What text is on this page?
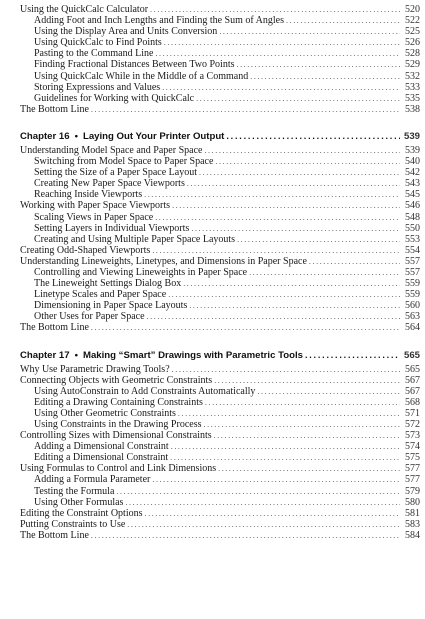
Using the QuickCalc Calculator .....	520
Adding Foot and Inch Lengths and Finding the Sum of Angles .....	522
Using the Display Area and Units Conversion .....	525
Using QuickCalc to Find Points .....	526
Pasting to the Command Line .....	528
Finding Fractional Distances Between Two Points .....	529
Using QuickCalc While in the Middle of a Command .....	532
Storing Expressions and Values .....	533
Guidelines for Working with QuickCalc .....	535
The Bottom Line .....	538
Chapter 16 • Laying Out Your Printer Output .....	539
Understanding Model Space and Paper Space .....	539
Switching from Model Space to Paper Space .....	540
Setting the Size of a Paper Space Layout .....	542
Creating New Paper Space Viewports .....	543
Reaching Inside Viewports .....	545
Working with Paper Space Viewports .....	546
Scaling Views in Paper Space .....	548
Setting Layers in Individual Viewports .....	550
Creating and Using Multiple Paper Space Layouts .....	553
Creating Odd-Shaped Viewports .....	554
Understanding Lineweights, Linetypes, and Dimensions in Paper Space .....	557
Controlling and Viewing Lineweights in Paper Space .....	557
The Lineweight Settings Dialog Box .....	559
Linetype Scales and Paper Space .....	559
Dimensioning in Paper Space Layouts .....	560
Other Uses for Paper Space .....	563
The Bottom Line .....	564
Chapter 17 • Making “Smart” Drawings with Parametric Tools .....	565
Why Use Parametric Drawing Tools? .....	565
Connecting Objects with Geometric Constraints .....	567
Using AutoConstrain to Add Constraints Automatically .....	567
Editing a Drawing Containing Constraints .....	568
Using Other Geometric Constraints .....	571
Using Constraints in the Drawing Process .....	572
Controlling Sizes with Dimensional Constraints .....	573
Adding a Dimensional Constraint .....	574
Editing a Dimensional Constraint .....	575
Using Formulas to Control and Link Dimensions .....	577
Adding a Formula Parameter .....	577
Testing the Formula .....	579
Using Other Formulas .....	580
Editing the Constraint Options .....	581
Putting Constraints to Use .....	583
The Bottom Line .....	584
